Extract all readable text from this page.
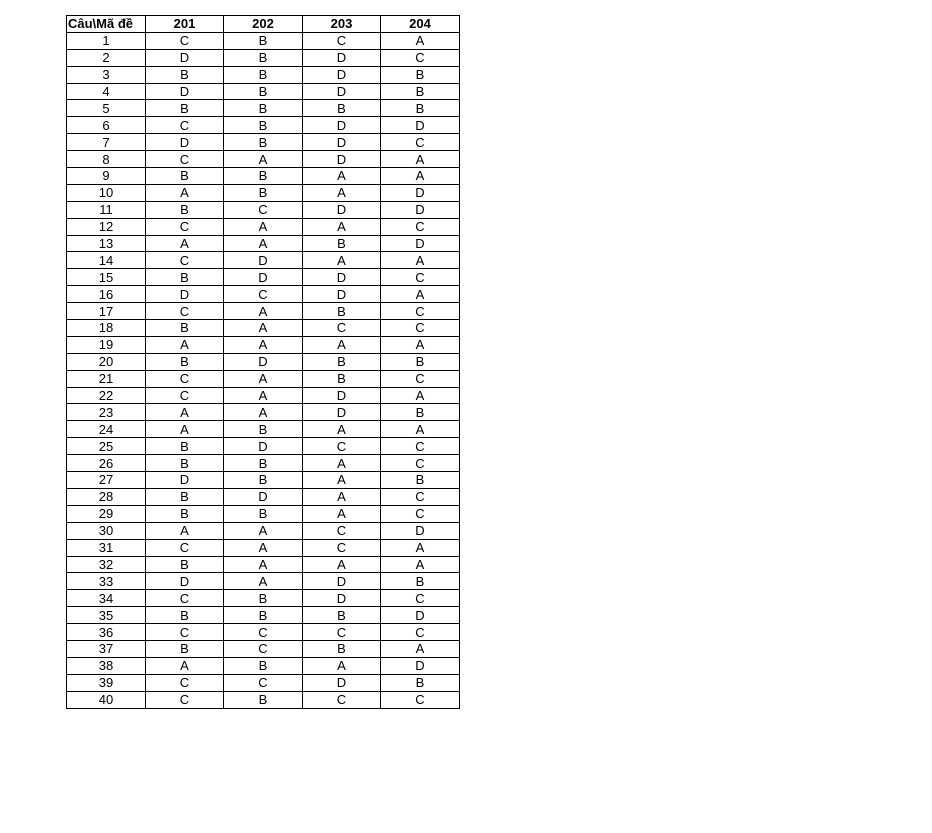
Câu\Mã đề	201	202	203	204
1	C	B	C	A
2	D	B	D	C
3	B	B	D	B
4	D	B	D	B
5	B	B	B	B
6	C	B	D	D
7	D	B	D	C
8	C	A	D	A
9	B	B	A	A
10	A	B	A	D
11	B	C	D	D
12	C	A	A	C
13	A	A	B	D
14	C	D	A	A
15	B	D	D	C
16	D	C	D	A
17	C	A	B	C
18	B	A	C	C
19	A	A	A	A
20	B	D	B	B
21	C	A	B	C
22	C	A	D	A
23	A	A	D	B
24	A	B	A	A
25	B	D	C	C
26	B	B	A	C
27	D	B	A	B
28	B	D	A	C
29	B	B	A	C
30	A	A	C	D
31	C	A	C	A
32	B	A	A	A
33	D	A	D	B
34	C	B	D	C
35	B	B	B	D
36	C	C	C	C
37	B	C	B	A
38	A	B	A	D
39	C	C	D	B
40	C	B	C	C
